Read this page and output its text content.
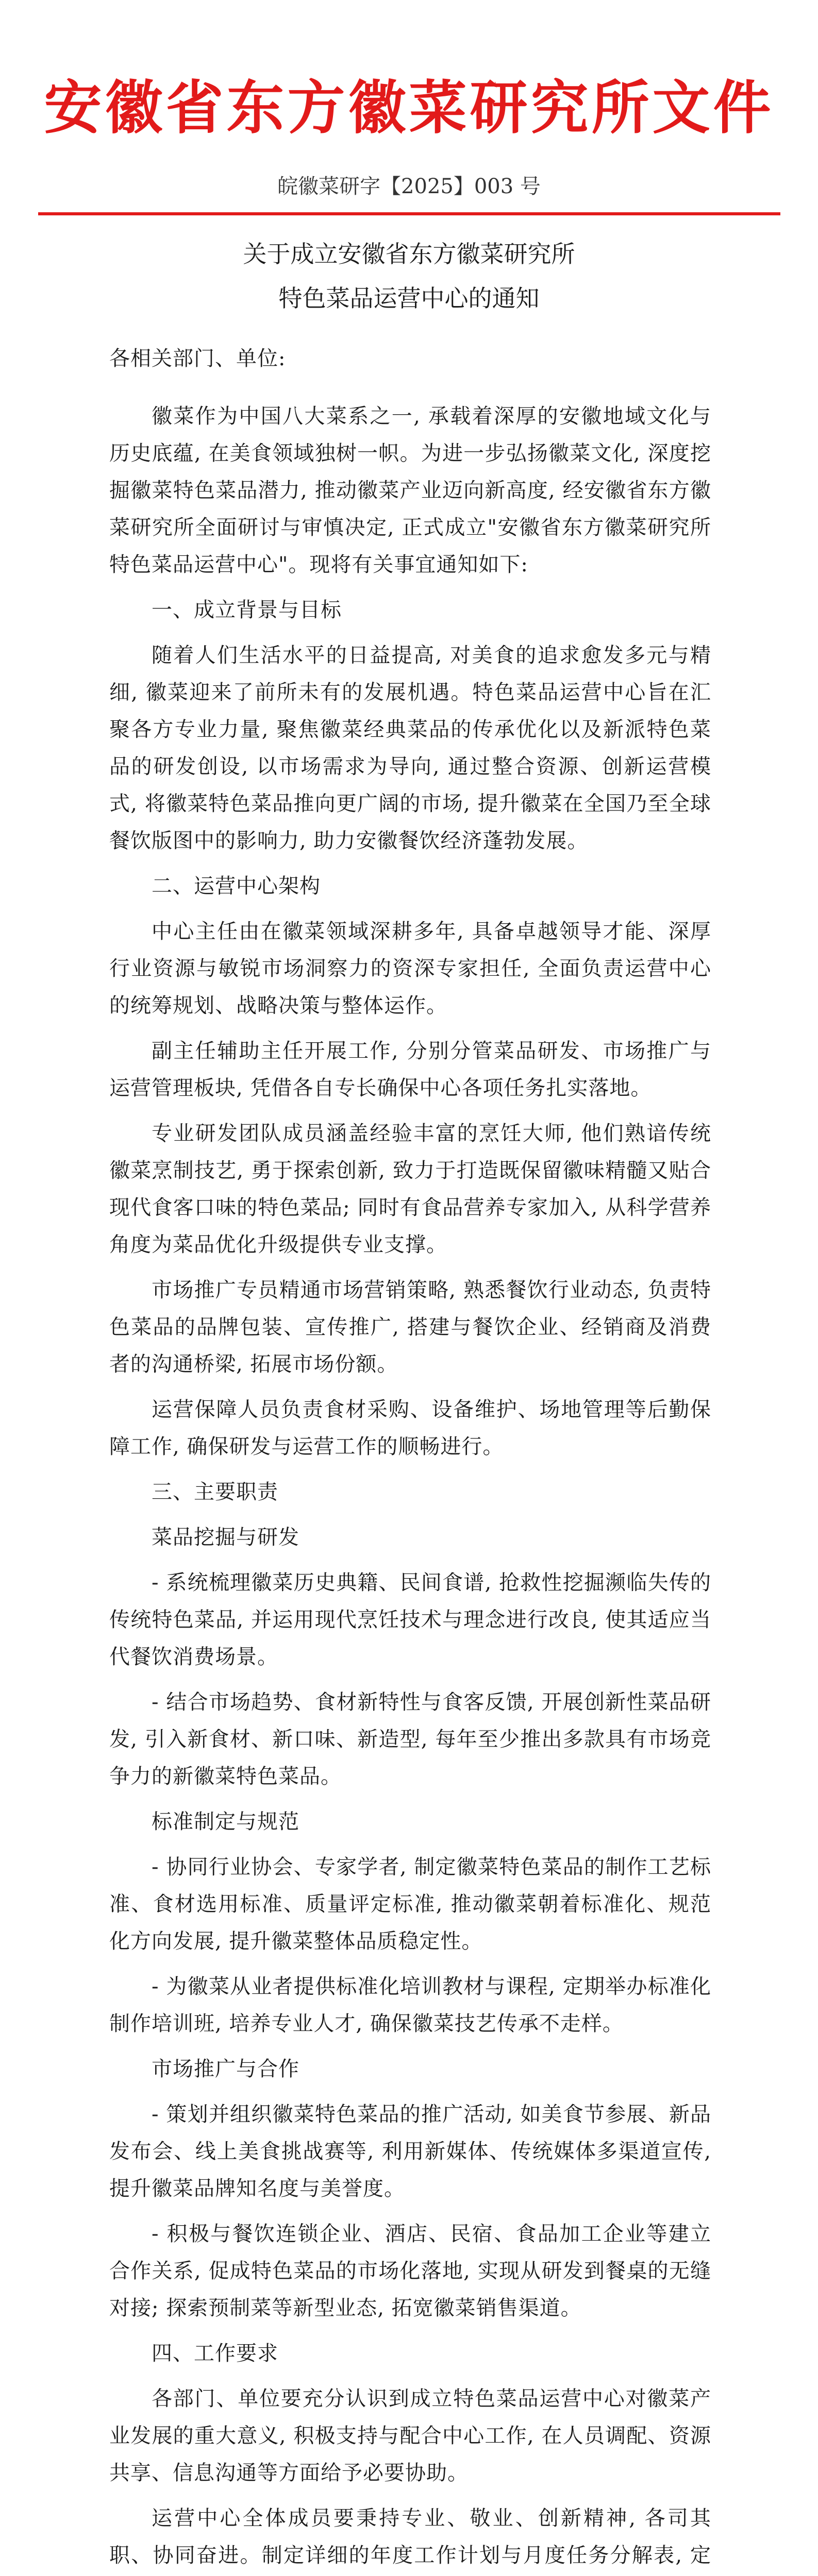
安徽省东方徽菜研究所文件
皖徽菜研字【2025】003 号
关于成立安徽省东方徽菜研究所
特色菜品运营中心的通知
各相关部门、单位:

徽菜作为中国八大菜系之一, 承载着深厚的安徽地域文化与历史底蕴, 在美食领域独树一帜。为进一步弘扬徽菜文化, 深度挖掘徽菜特色菜品潜力, 推动徽菜产业迈向新高度, 经安徽省东方徽菜研究所全面研讨与审慎决定, 正式成立"安徽省东方徽菜研究所特色菜品运营中心"。现将有关事宜通知如下:

一、成立背景与目标

随着人们生活水平的日益提高, 对美食的追求愈发多元与精细, 徽菜迎来了前所未有的发展机遇。特色菜品运营中心旨在汇聚各方专业力量, 聚焦徽菜经典菜品的传承优化以及新派特色菜品的研发创设, 以市场需求为导向, 通过整合资源、创新运营模式, 将徽菜特色菜品推向更广阔的市场, 提升徽菜在全国乃至全球餐饮版图中的影响力, 助力安徽餐饮经济蓬勃发展。

二、运营中心架构

中心主任由在徽菜领域深耕多年, 具备卓越领导才能、深厚行业资源与敏锐市场洞察力的资深专家担任, 全面负责运营中心的统筹规划、战略决策与整体运作。

副主任辅助主任开展工作, 分别分管菜品研发、市场推广与运营管理板块, 凭借各自专长确保中心各项任务扎实落地。

专业研发团队成员涵盖经验丰富的烹饪大师, 他们熟谙传统徽菜烹制技艺, 勇于探索创新, 致力于打造既保留徽味精髓又贴合现代食客口味的特色菜品; 同时有食品营养专家加入, 从科学营养角度为菜品优化升级提供专业支撑。

市场推广专员精通市场营销策略, 熟悉餐饮行业动态, 负责特色菜品的品牌包装、宣传推广, 搭建与餐饮企业、经销商及消费者的沟通桥梁, 拓展市场份额。

运营保障人员负责食材采购、设备维护、场地管理等后勤保障工作, 确保研发与运营工作的顺畅进行。

三、主要职责
菜品挖掘与研发

- 系统梳理徽菜历史典籍、民间食谱, 抢救性挖掘濒临失传的传统特色菜品, 并运用现代烹饪技术与理念进行改良, 使其适应当代餐饮消费场景。

- 结合市场趋势、食材新特性与食客反馈, 开展创新性菜品研发, 引入新食材、新口味、新造型, 每年至少推出多款具有市场竞争力的新徽菜特色菜品。

标准制定与规范

- 协同行业协会、专家学者, 制定徽菜特色菜品的制作工艺标准、食材选用标准、质量评定标准, 推动徽菜朝着标准化、规范化方向发展, 提升徽菜整体品质稳定性。

- 为徽菜从业者提供标准化培训教材与课程, 定期举办标准化制作培训班, 培养专业人才, 确保徽菜技艺传承不走样。

市场推广与合作

- 策划并组织徽菜特色菜品的推广活动, 如美食节参展、新品发布会、线上美食挑战赛等, 利用新媒体、传统媒体多渠道宣传, 提升徽菜品牌知名度与美誉度。

- 积极与餐饮连锁企业、酒店、民宿、食品加工企业等建立合作关系, 促成特色菜品的市场化落地, 实现从研发到餐桌的无缝对接; 探索预制菜等新型业态, 拓宽徽菜销售渠道。

四、工作要求

各部门、单位要充分认识到成立特色菜品运营中心对徽菜产业发展的重大意义, 积极支持与配合中心工作, 在人员调配、资源共享、信息沟通等方面给予必要协助。

运营中心全体成员要秉持专业、敬业、创新精神, 各司其职、协同奋进。制定详细的年度工作计划与月度任务分解表, 定
